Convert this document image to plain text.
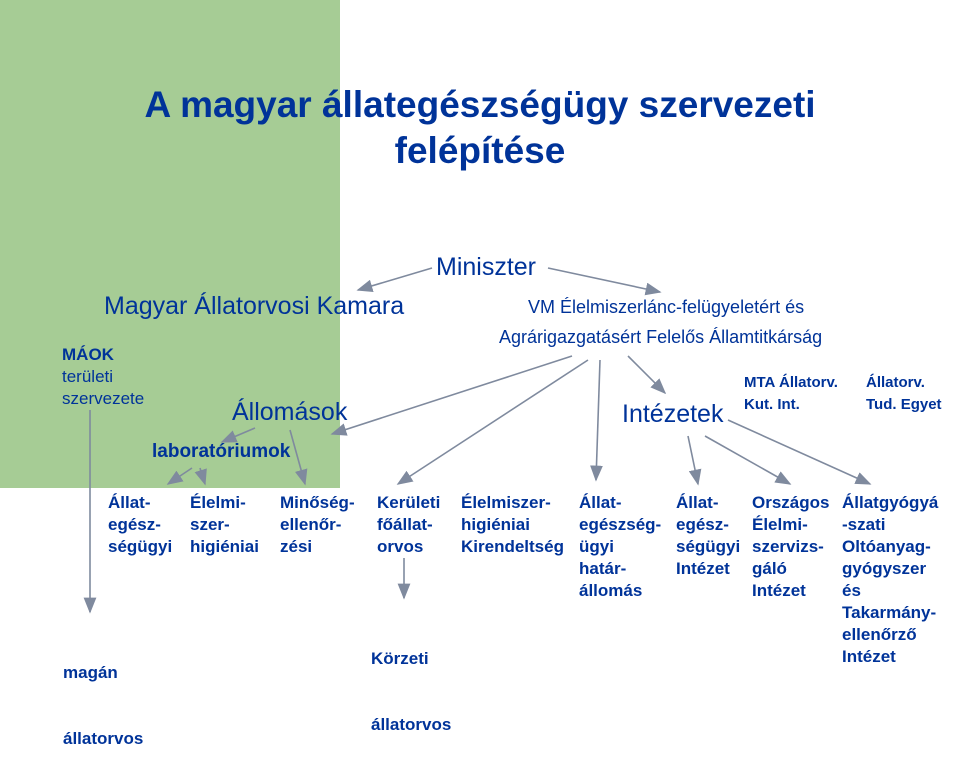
A magyar állategészségügy szervezeti
felépítése
Miniszter
Magyar Állatorvosi Kamara	VM Élelmiszerlánc-felügyeletért és
Agrárigazgatásért Felelős Államtitkárság
MÁOK
területi
szervezete	Állomások	Intézetek
MTA Állatorv.
Kut. Int.
Állatorv.
Tud. Egyet
laboratóriumok
Állat-
egész-
ségügyi
Élelmi-
szer-
higiéniai
Minőség-
ellenőr-
zési
Kerületi
főállat-
orvos
Élelmiszer-
higiéniai
Kirendeltség
Állat-
egészség-
ügyi
határ-
állomás
Állat-
egész-
ségügyi
Intézet
Országos
Élelmi-
szervizs-
gáló
Intézet
Állatgyógyá
-szati
Oltóanyag-
gyógyszer
és
Takarmány-
ellenőrző
Intézet

magán

állatorvos

Körzeti

állatorvos
